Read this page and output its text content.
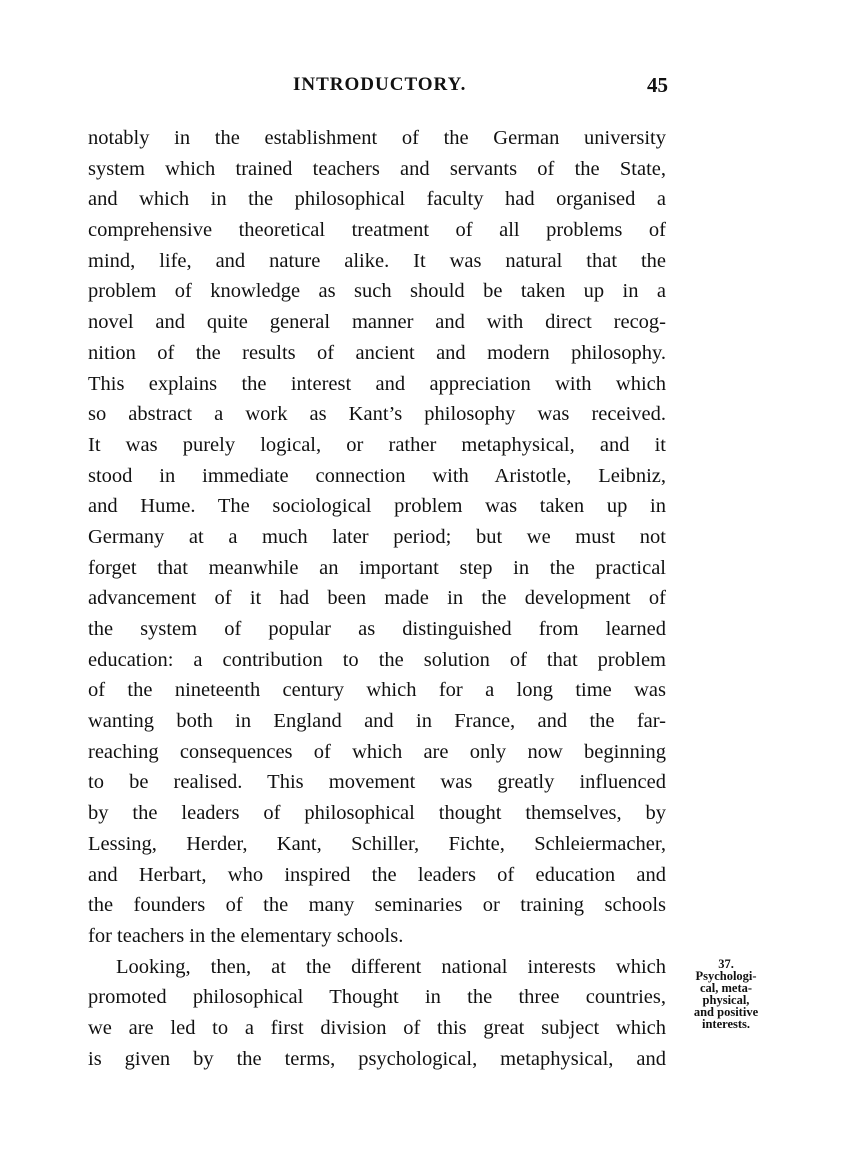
INTRODUCTORY.	45
notably in the establishment of the German university
system which trained teachers and servants of the State,
and which in the philosophical faculty had organised a
comprehensive theoretical treatment of all problems of
mind, life, and nature alike. It was natural that the
problem of knowledge as such should be taken up in a
novel and quite general manner and with direct recog-
nition of the results of ancient and modern philosophy.
This explains the interest and appreciation with which
so abstract a work as Kant’s philosophy was received.
It was purely logical, or rather metaphysical, and it
stood in immediate connection with Aristotle, Leibniz,
and Hume. The sociological problem was taken up in
Germany at a much later period; but we must not
forget that meanwhile an important step in the practical
advancement of it had been made in the development of
the system of popular as distinguished from learned
education: a contribution to the solution of that problem
of the nineteenth century which for a long time was
wanting both in England and in France, and the far-
reaching consequences of which are only now beginning
to be realised. This movement was greatly influenced
by the leaders of philosophical thought themselves, by
Lessing, Herder, Kant, Schiller, Fichte, Schleiermacher,
and Herbart, who inspired the leaders of education and
the founders of the many seminaries or training schools
for teachers in the elementary schools.
Looking, then, at the different national interests which
promoted philosophical Thought in the three countries,
we are led to a first division of this great subject which
is given by the terms, psychological, metaphysical, and
37.
Psychologi-
cal, meta-
physical,
and positive
interests.
